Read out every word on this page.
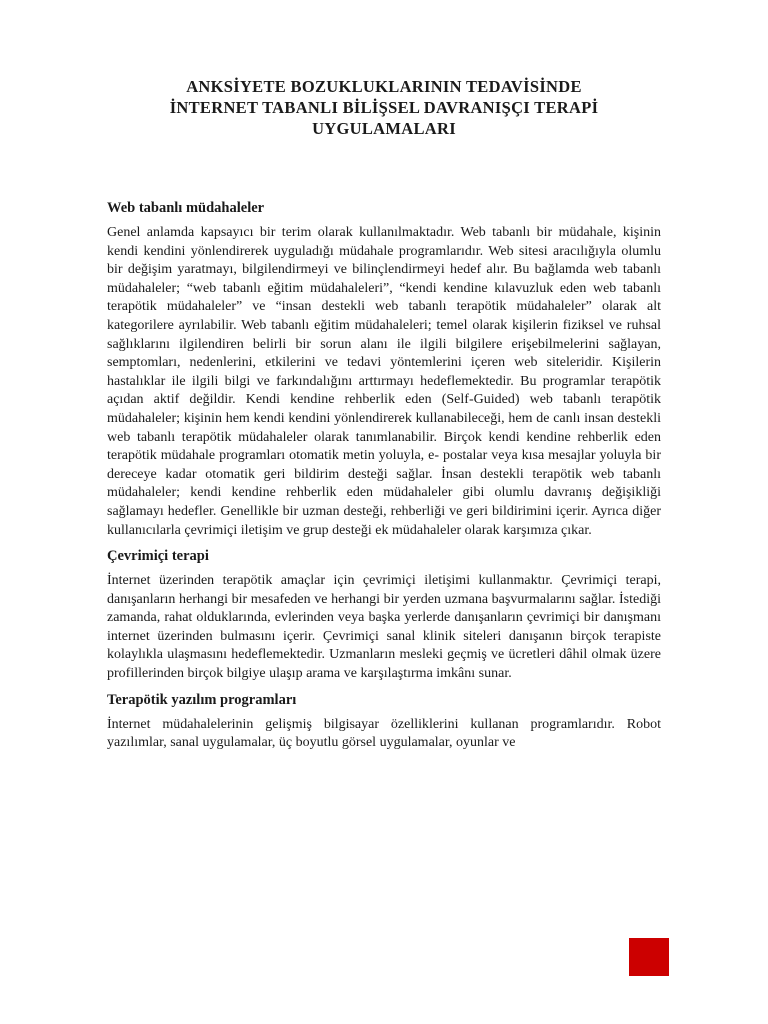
ANKSİYETE BOZUKLUKLARININ TEDAVİSİNDE
İNTERNET TABANLI BİLİŞSEL DAVRANIŞÇI TERAPİ
UYGULAMALARI
Web tabanlı müdahaleler

Genel anlamda kapsayıcı bir terim olarak kullanılmaktadır. Web tabanlı bir müdahale, kişinin kendi kendini yönlendirerek uyguladığı müdahale programlarıdır. Web sitesi aracılığıyla olumlu bir değişim yaratmayı, bilgilendirmeyi ve bilinçlendirmeyi hedef alır. Bu bağlamda web tabanlı müdahaleler; “web tabanlı eğitim müdahaleleri”, “kendi kendine kılavuzluk eden web tabanlı terapötik müdahaleler” ve “insan destekli web tabanlı terapötik müdahaleler” olarak alt kategorilere ayrılabilir. Web tabanlı eğitim müdahaleleri; temel olarak kişilerin fiziksel ve ruhsal sağlıklarını ilgilendiren belirli bir sorun alanı ile ilgili bilgilere erişebilmelerini sağlayan, semptomları, nedenlerini, etkilerini ve tedavi yöntemlerini içeren web siteleridir. Kişilerin hastalıklar ile ilgili bilgi ve farkındalığını arttırmayı hedeflemektedir. Bu programlar terapötik açıdan aktif değildir. Kendi kendine rehberlik eden (Self-Guided) web tabanlı terapötik müdahaleler; kişinin hem kendi kendini yönlendirerek kullanabileceği, hem de canlı insan destekli web tabanlı terapötik müdahaleler olarak tanımlanabilir. Birçok kendi kendine rehberlik eden terapötik müdahale programları otomatik metin yoluyla, e- postalar veya kısa mesajlar yoluyla bir dereceye kadar otomatik geri bildirim desteği sağlar. İnsan destekli terapötik web tabanlı müdahaleler; kendi kendine rehberlik eden müdahaleler gibi olumlu davranış değişikliği sağlamayı hedefler. Genellikle bir uzman desteği, rehberliği ve geri bildirimini içerir. Ayrıca diğer kullanıcılarla çevrimiçi iletişim ve grup desteği ek müdahaleler olarak karşımıza çıkar.

Çevrimiçi terapi

İnternet üzerinden terapötik amaçlar için çevrimiçi iletişimi kullanmaktır. Çevrimiçi terapi, danışanların herhangi bir mesafeden ve herhangi bir yerden uzmana başvurmalarını sağlar. İstediği zamanda, rahat olduklarında, evlerinden veya başka yerlerde danışanların çevrimiçi bir danışmanı internet üzerinden bulmasını içerir. Çevrimiçi sanal klinik siteleri danışanın birçok terapiste kolaylıkla ulaşmasını hedeflemektedir. Uzmanların mesleki geçmiş ve ücretleri dâhil olmak üzere profillerinden birçok bilgiye ulaşıp arama ve karşılaştırma imkânı sunar.

Terapötik yazılım programları

İnternet müdahalelerinin gelişmiş bilgisayar özelliklerini kullanan programlarıdır. Robot yazılımlar, sanal uygulamalar, üç boyutlu görsel uygulamalar, oyunlar ve
